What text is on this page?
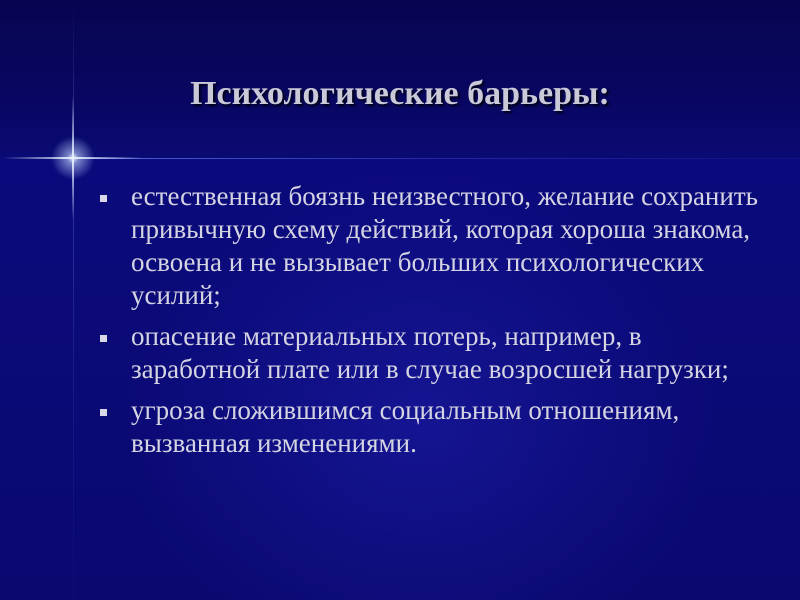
Психологические барьеры:
естественная боязнь неизвестного, желание сохранить привычную схему действий, которая хороша знакома, освоена и не вызывает больших психологических усилий;
опасение материальных потерь, например, в заработной плате или в случае возросшей нагрузки;
угроза сложившимся социальным отношениям, вызванная изменениями.
